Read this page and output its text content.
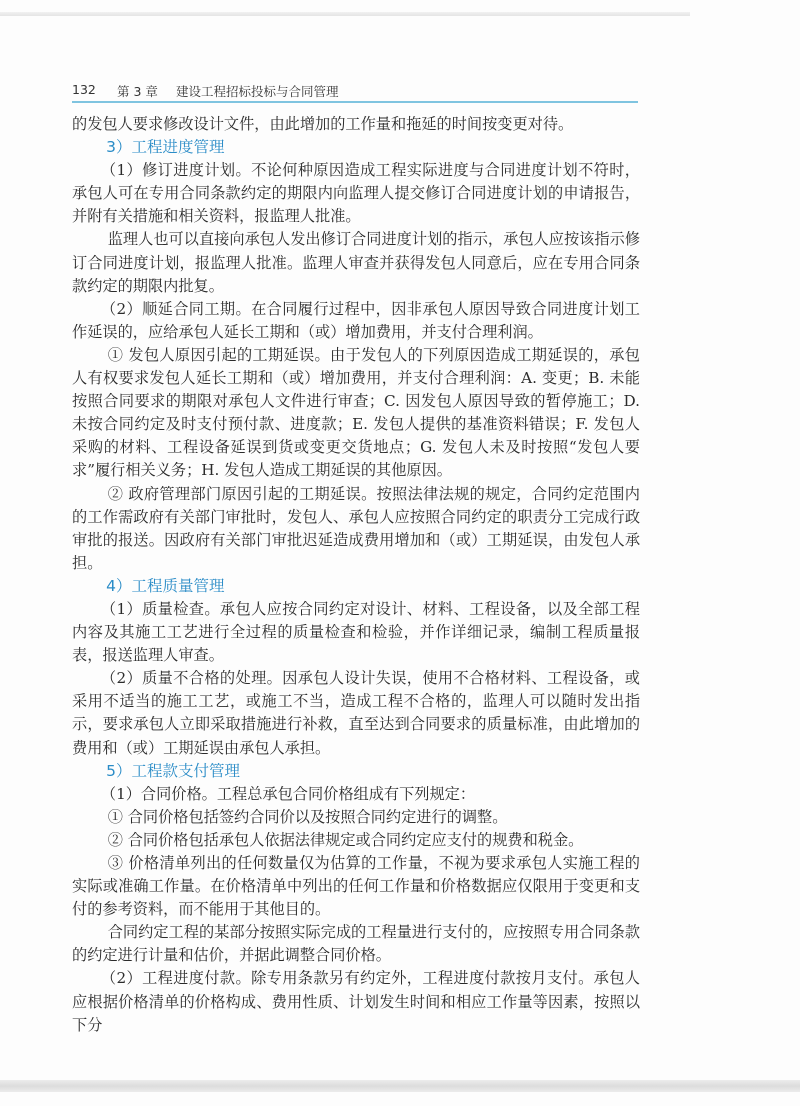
132 第 3 章 建设工程招标投标与合同管理

的发包人要求修改设计文件，由此增加的工作量和拖延的时间按变更对待。

3）工程进度管理

（1）修订进度计划。不论何种原因造成工程实际进度与合同进度计划不符时，承包人可在专用合同条款约定的期限内向监理人提交修订合同进度计划的申请报告，并附有关措施和相关资料，报监理人批准。

监理人也可以直接向承包人发出修订合同进度计划的指示，承包人应按该指示修订合同进度计划，报监理人批准。监理人审查并获得发包人同意后，应在专用合同条款约定的期限内批复。

（2）顺延合同工期。在合同履行过程中，因非承包人原因导致合同进度计划工作延误的，应给承包人延长工期和（或）增加费用，并支付合理利润。

① 发包人原因引起的工期延误。由于发包人的下列原因造成工期延误的，承包人有权要求发包人延长工期和（或）增加费用，并支付合理利润：A. 变更；B. 未能按照合同要求的期限对承包人文件进行审查；C. 因发包人原因导致的暂停施工；D. 未按合同约定及时支付预付款、进度款；E. 发包人提供的基准资料错误；F. 发包人采购的材料、工程设备延误到货或变更交货地点；G. 发包人未及时按照“发包人要求”履行相关义务；H. 发包人造成工期延误的其他原因。

② 政府管理部门原因引起的工期延误。按照法律法规的规定，合同约定范围内的工作需政府有关部门审批时，发包人、承包人应按照合同约定的职责分工完成行政审批的报送。因政府有关部门审批迟延造成费用增加和（或）工期延误，由发包人承担。

4）工程质量管理

（1）质量检查。承包人应按合同约定对设计、材料、工程设备，以及全部工程内容及其施工工艺进行全过程的质量检查和检验，并作详细记录，编制工程质量报表，报送监理人审查。

（2）质量不合格的处理。因承包人设计失误，使用不合格材料、工程设备，或采用不适当的施工工艺，或施工不当，造成工程不合格的，监理人可以随时发出指示，要求承包人立即采取措施进行补救，直至达到合同要求的质量标准，由此增加的费用和（或）工期延误由承包人承担。

5）工程款支付管理

（1）合同价格。工程总承包合同价格组成有下列规定：

① 合同价格包括签约合同价以及按照合同约定进行的调整。

② 合同价格包括承包人依据法律规定或合同约定应支付的规费和税金。

③ 价格清单列出的任何数量仅为估算的工作量，不视为要求承包人实施工程的实际或准确工作量。在价格清单中列出的任何工作量和价格数据应仅限用于变更和支付的参考资料，而不能用于其他目的。

合同约定工程的某部分按照实际完成的工程量进行支付的，应按照专用合同条款的约定进行计量和估价，并据此调整合同价格。

（2）工程进度付款。除专用条款另有约定外，工程进度付款按月支付。承包人应根据价格清单的价格构成、费用性质、计划发生时间和相应工作量等因素，按照以下分
